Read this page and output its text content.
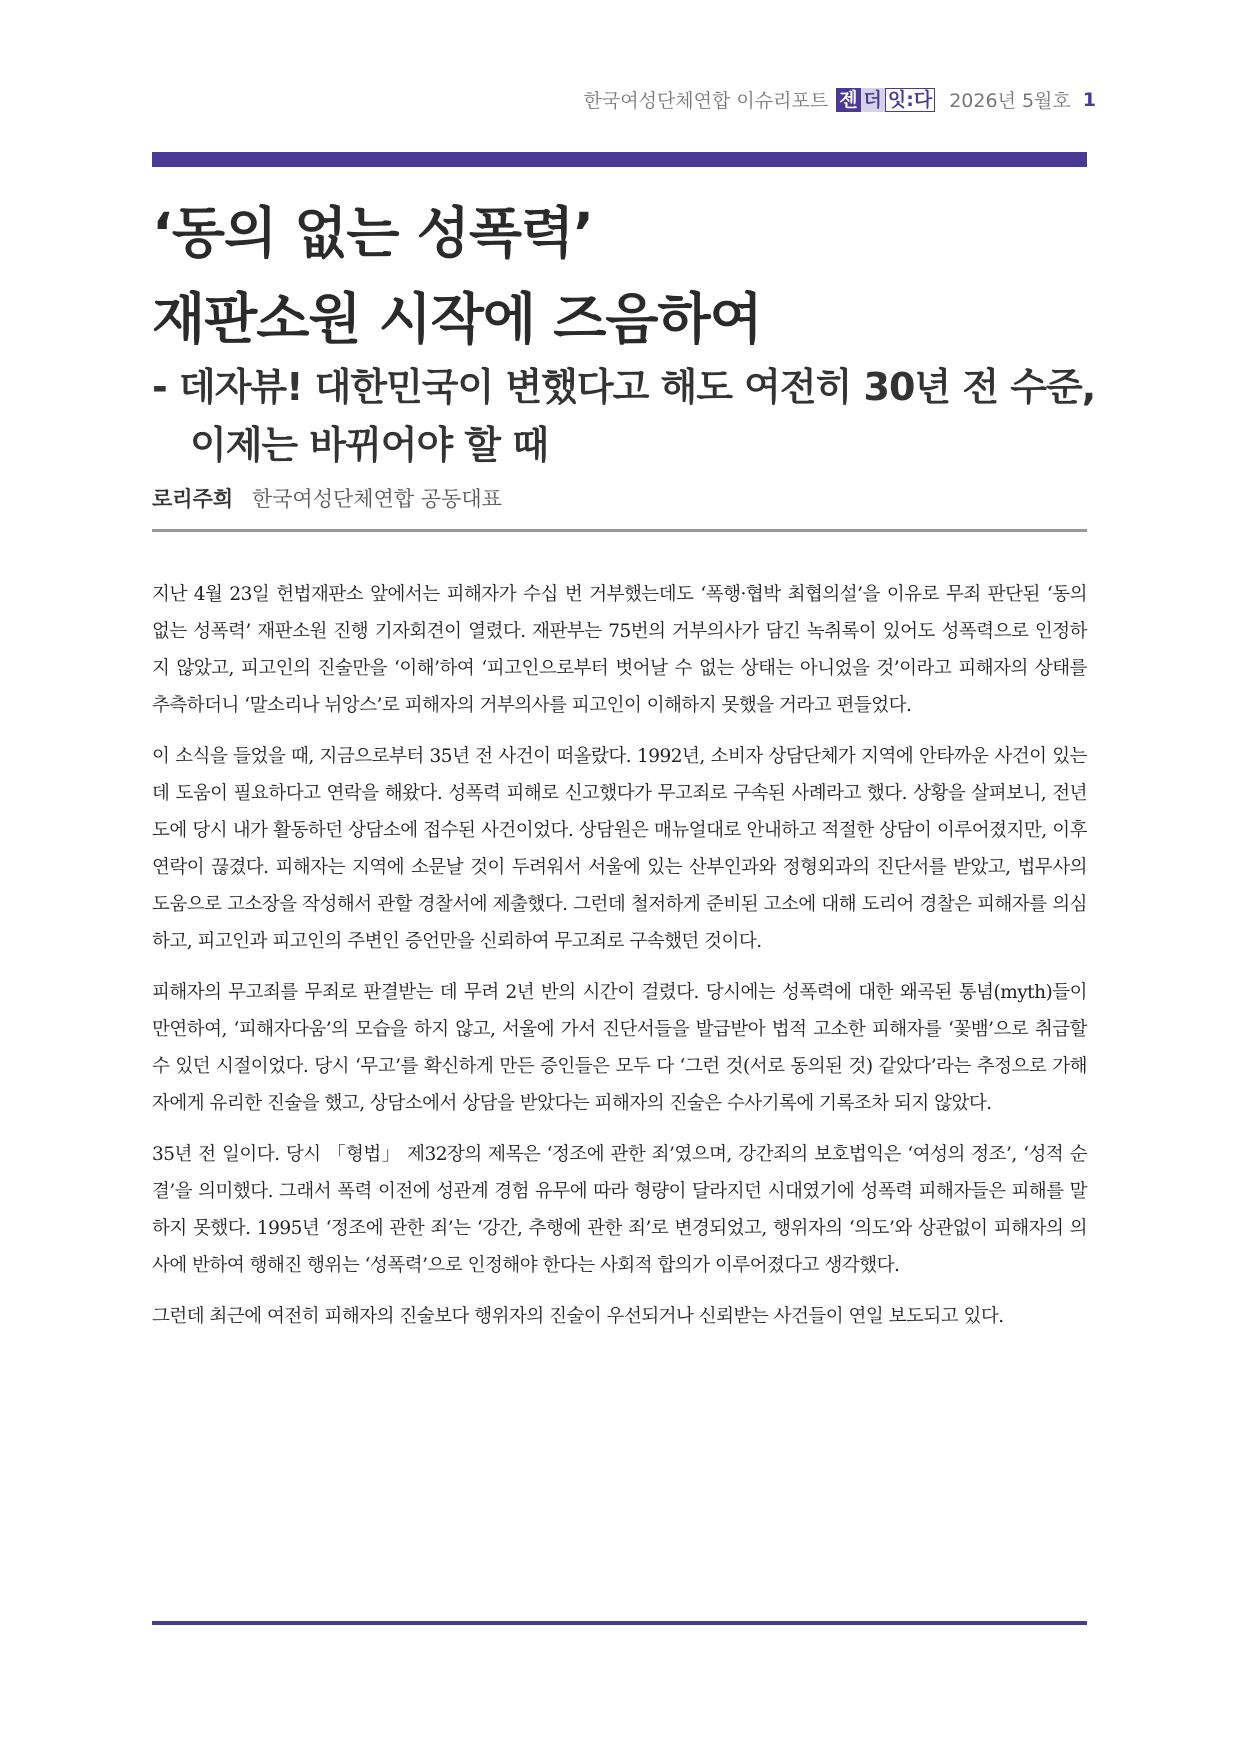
한국여성단체연합 이슈리포트 젠 더 잇:다 2026년 5월호 1
‘동의 없는 성폭력’
재판소원 시작에 즈음하여
- 데자뷰! 대한민국이 변했다고 해도 여전히 30년 전 수준,
이제는 바뀌어야 할 때
로리주희 한국여성단체연합 공동대표

지난 4월 23일 헌법재판소 앞에서는 피해자가 수십 번 거부했는데도 ‘폭행·협박 최협의설’을 이유로 무죄 판단된 ‘동의 없는 성폭력’ 재판소원 진행 기자회견이 열렸다. 재판부는 75번의 거부의사가 담긴 녹취록이 있어도 성폭력으로 인정하지 않았고, 피고인의 진술만을 ‘이해’하여 ‘피고인으로부터 벗어날 수 없는 상태는 아니었을 것’이라고 피해자의 상태를 추측하더니 ‘말소리나 뉘앙스’로 피해자의 거부의사를 피고인이 이해하지 못했을 거라고 편들었다.

이 소식을 들었을 때, 지금으로부터 35년 전 사건이 떠올랐다. 1992년, 소비자 상담단체가 지역에 안타까운 사건이 있는데 도움이 필요하다고 연락을 해왔다. 성폭력 피해로 신고했다가 무고죄로 구속된 사례라고 했다. 상황을 살펴보니, 전년도에 당시 내가 활동하던 상담소에 접수된 사건이었다. 상담원은 매뉴얼대로 안내하고 적절한 상담이 이루어졌지만, 이후 연락이 끊겼다. 피해자는 지역에 소문날 것이 두려워서 서울에 있는 산부인과와 정형외과의 진단서를 받았고, 법무사의 도움으로 고소장을 작성해서 관할 경찰서에 제출했다. 그런데 철저하게 준비된 고소에 대해 도리어 경찰은 피해자를 의심하고, 피고인과 피고인의 주변인 증언만을 신뢰하여 무고죄로 구속했던 것이다.

피해자의 무고죄를 무죄로 판결받는 데 무려 2년 반의 시간이 걸렸다. 당시에는 성폭력에 대한 왜곡된 통념(myth)들이 만연하여, ‘피해자다움’의 모습을 하지 않고, 서울에 가서 진단서들을 발급받아 법적 고소한 피해자를 ‘꽃뱀’으로 취급할 수 있던 시절이었다. 당시 ‘무고’를 확신하게 만든 증인들은 모두 다 ‘그런 것(서로 동의된 것) 같았다’라는 추정으로 가해자에게 유리한 진술을 했고, 상담소에서 상담을 받았다는 피해자의 진술은 수사기록에 기록조차 되지 않았다.

35년 전 일이다. 당시 「형법」 제32장의 제목은 ‘정조에 관한 죄’였으며, 강간죄의 보호법익은 ‘여성의 정조’, ‘성적 순결’을 의미했다. 그래서 폭력 이전에 성관계 경험 유무에 따라 형량이 달라지던 시대였기에 성폭력 피해자들은 피해를 말하지 못했다. 1995년 ‘정조에 관한 죄’는 ‘강간, 추행에 관한 죄’로 변경되었고, 행위자의 ‘의도’와 상관없이 피해자의 의사에 반하여 행해진 행위는 ‘성폭력’으로 인정해야 한다는 사회적 합의가 이루어졌다고 생각했다.

그런데 최근에 여전히 피해자의 진술보다 행위자의 진술이 우선되거나 신뢰받는 사건들이 연일 보도되고 있다.
